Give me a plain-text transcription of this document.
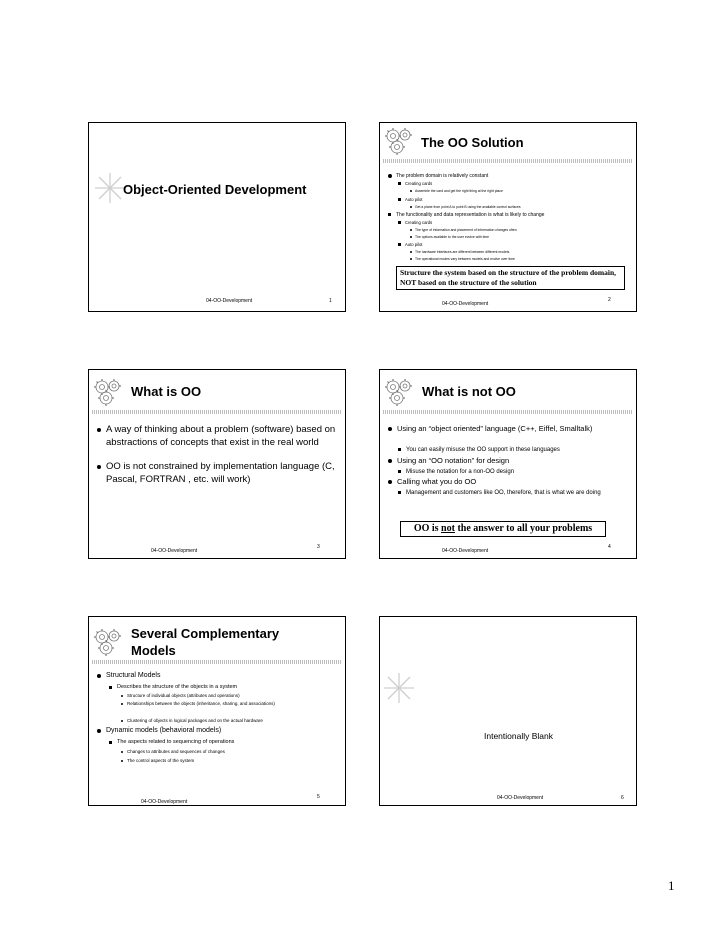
Object-Oriented Development
04-OO-Development	1
The OO Solution
The problem domain is relatively constant
Creating cards
Assemble the card and get the right thing at the right place
Auto pilot
Get a plane from point A to point B using the available control surfaces
The functionality and data representation is what is likely to change
Creating cards
The type of information and placement of information changes often
The options available to the user evolve with time
Auto pilot
The hardware interfaces are different between different models
The operational modes vary between models and evolve over time
Structure the system based on the structure of the problem domain, NOT based on the structure of the solution
04-OO-Development
2
What is OO
A way of thinking about a problem (software) based on abstractions of concepts that exist in the real world
OO is not constrained by implementation language (C, Pascal, FORTRAN , etc. will work)
04-OO-Development
3
What is not OO
Using an “object oriented” language (C++, Eiffel, Smalltalk)
You can easily misuse the OO support in these languages
Using an “OO notation” for design
Misuse the notation for a non-OO design
Calling what you do OO
Management and customers like OO, therefore, that is what we are doing
OO is not the answer to all your problems
04-OO-Development
4
Several Complementary
Models
Structural Models
Describes the structure of the objects in a system
Structure of individual objects (attributes and operations)
Relationships between the objects (inheritance, sharing, and associations)
Clustering of objects in logical packages and on the actual hardware
Dynamic models (behavioral models)
The aspects related to sequencing of operations
Changes to attributes and sequences of changes
The control aspects of the system
04-OO-Development
5
Intentionally Blank
04-OO-Development	6
1
